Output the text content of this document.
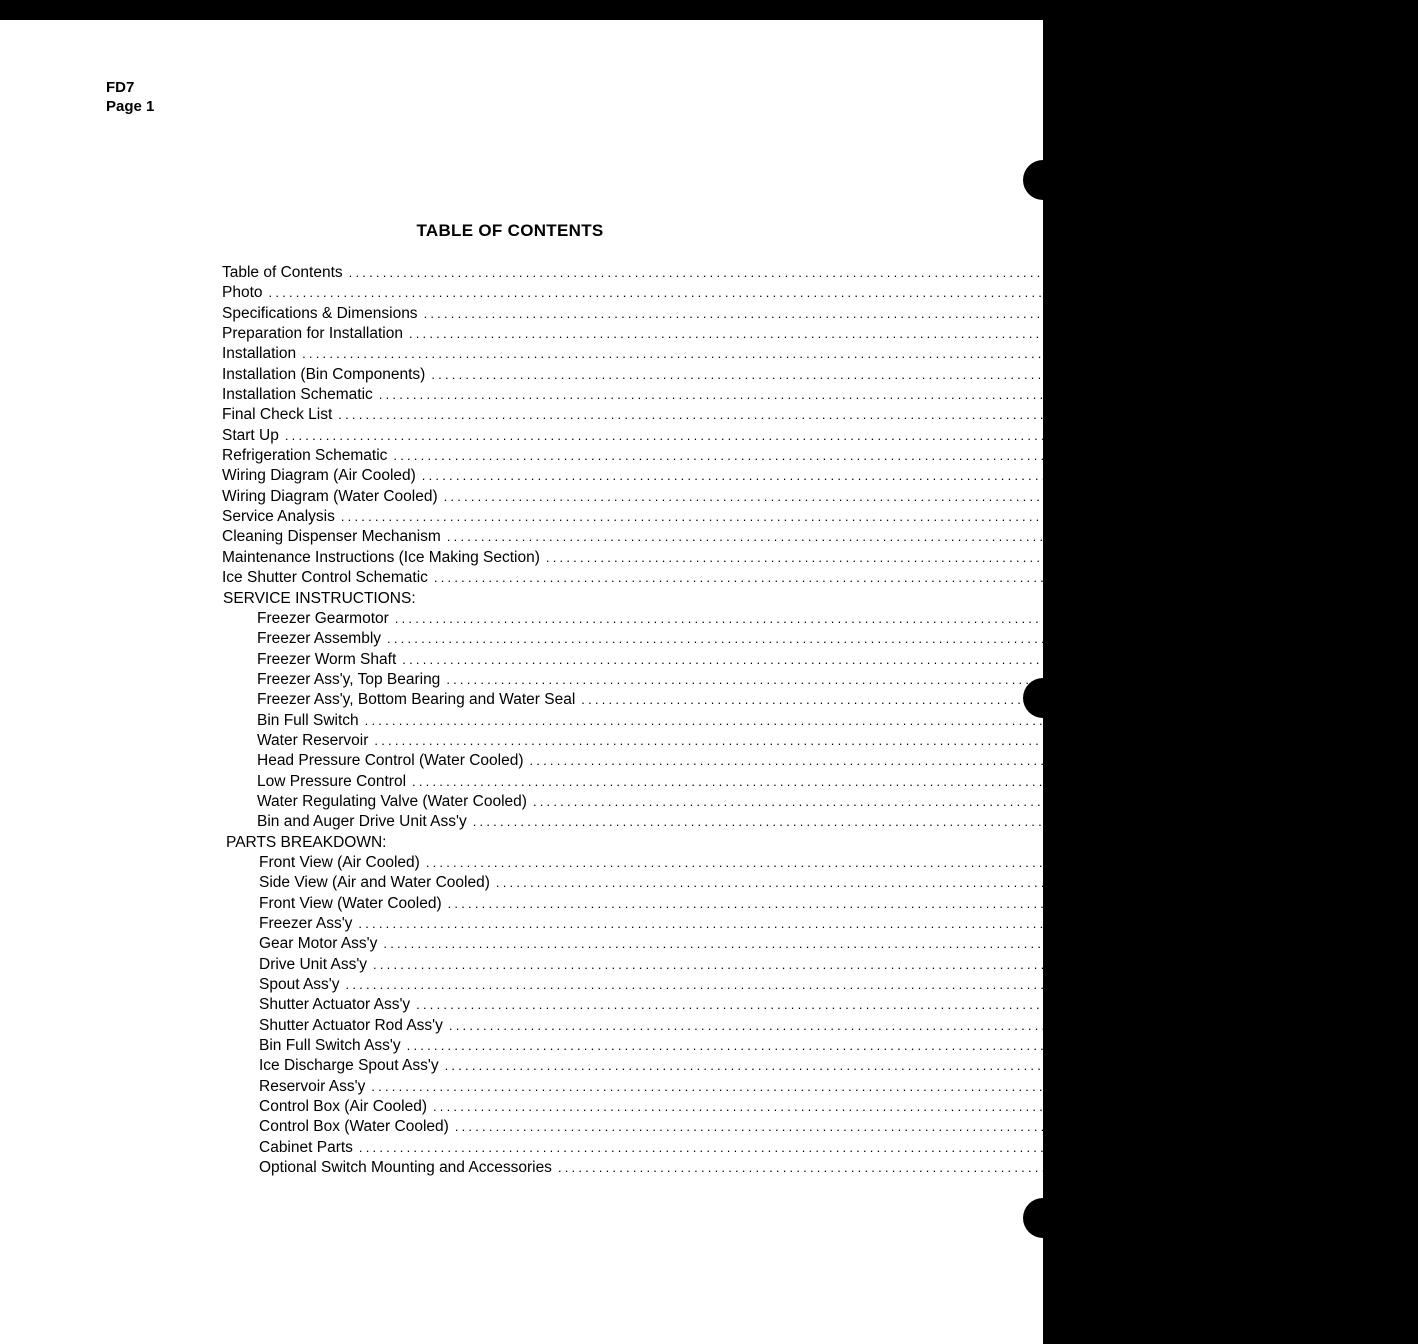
FD7
Page 1
TABLE OF CONTENTS
Table of Contents ........................................................................................................................ 1
Photo ........................................................................................................................ 2
Specifications & Dimensions ........................................................................................................................ 3
Preparation for Installation ........................................................................................................................ 4
Installation ........................................................................................................................ 5
Installation (Bin Components) ........................................................................................................................ 6
Installation Schematic ........................................................................................................................ 7
Final Check List ........................................................................................................................ 8
Start Up ........................................................................................................................ 8
Refrigeration Schematic ........................................................................................................................ 9
Wiring Diagram (Air Cooled) ........................................................................................................................ 10
Wiring Diagram (Water Cooled) ........................................................................................................................ 11
Service Analysis ........................................................................................................................ 12-14
Cleaning Dispenser Mechanism ........................................................................................................................ 15
Maintenance Instructions (Ice Making Section) ........................................................................................................................ 15
Ice Shutter Control Schematic ........................................................................................................................ 16
SERVICE INSTRUCTIONS:
Freezer Gearmotor ........................................................................................................................ 17
Freezer Assembly ........................................................................................................................ 17
Freezer Worm Shaft ........................................................................................................................ 17
Freezer Ass'y, Top Bearing ........................................................................................................................ 17
Freezer Ass'y, Bottom Bearing and Water Seal ........................................................................................................................ 18
Bin Full Switch ........................................................................................................................ 18
Water Reservoir ........................................................................................................................ 18
Head Pressure Control (Water Cooled) ........................................................................................................................ 19
Low Pressure Control ........................................................................................................................ 19
Water Regulating Valve (Water Cooled) ........................................................................................................................ 19
Bin and Auger Drive Unit Ass'y ........................................................................................................................ 19
PARTS BREAKDOWN:
Front View (Air Cooled) ........................................................................................................................ 20
Side View (Air and Water Cooled) ........................................................................................................................ 21
Front View (Water Cooled) ........................................................................................................................ 22
Freezer Ass'y ........................................................................................................................ 23
Gear Motor Ass'y ........................................................................................................................ 24
Drive Unit Ass'y ........................................................................................................................ 25
Spout Ass'y ........................................................................................................................ 26
Shutter Actuator Ass'y ........................................................................................................................ 27
Shutter Actuator Rod Ass'y ........................................................................................................................ 28
Bin Full Switch Ass'y ........................................................................................................................ 28
Ice Discharge Spout Ass'y ........................................................................................................................ 29
Reservoir Ass'y ........................................................................................................................ 30
Control Box (Air Cooled) ........................................................................................................................ 31
Control Box (Water Cooled) ........................................................................................................................ 32
Cabinet Parts ........................................................................................................................ 33
Optional Switch Mounting and Accessories ........................................................................................................................ 34
